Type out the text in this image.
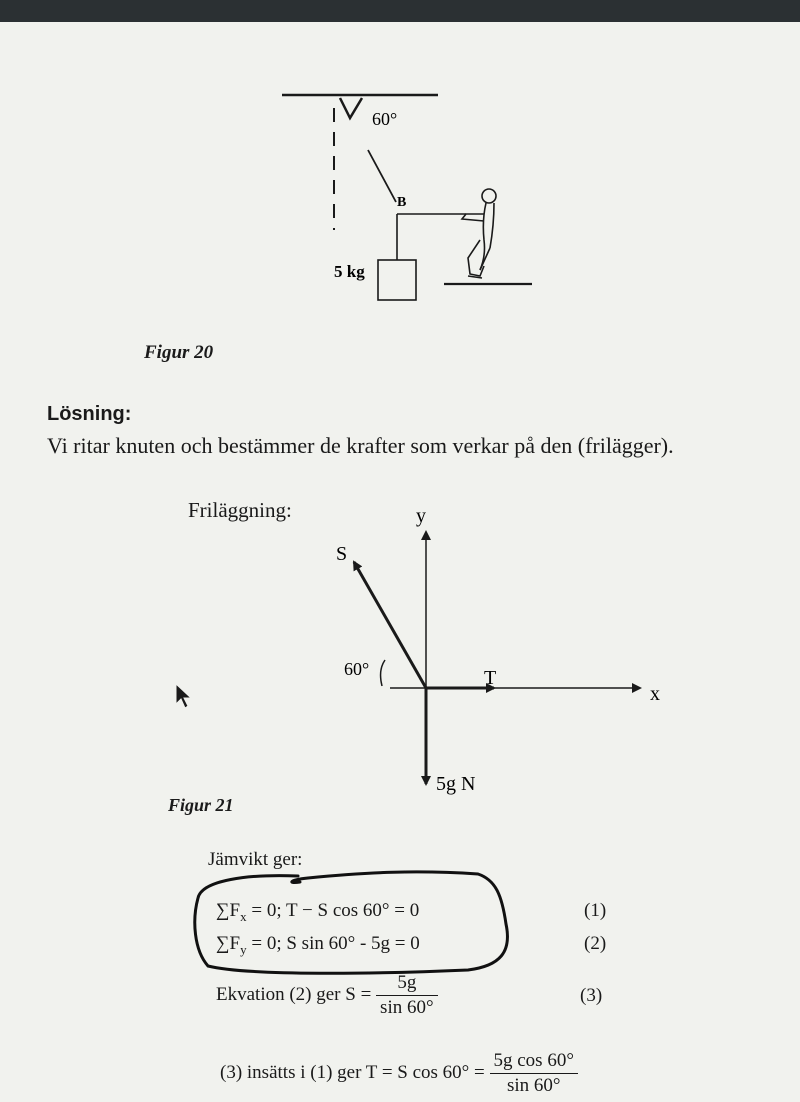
60°
B
5 kg
Figur 20
Lösning:
Vi ritar knuten och bestämmer de krafter som verkar på den (frilägger).
Friläggning:	y
x
S
T
5g N
60°
Figur 21
Jämvikt ger:
$\sum F_x = 0$; T − S cos 60° = 0	(1)
$\sum F_y = 0$; S sin 60° - 5g = 0	(2)
Ekvation (2) ger $S = \frac{5g}{\sin 60^\circ}$	(3)
(3) insätts i (1) ger T = S $\cos 60^\circ = \frac{\text{5g cos 60°}}{\sin 60^\circ}$
